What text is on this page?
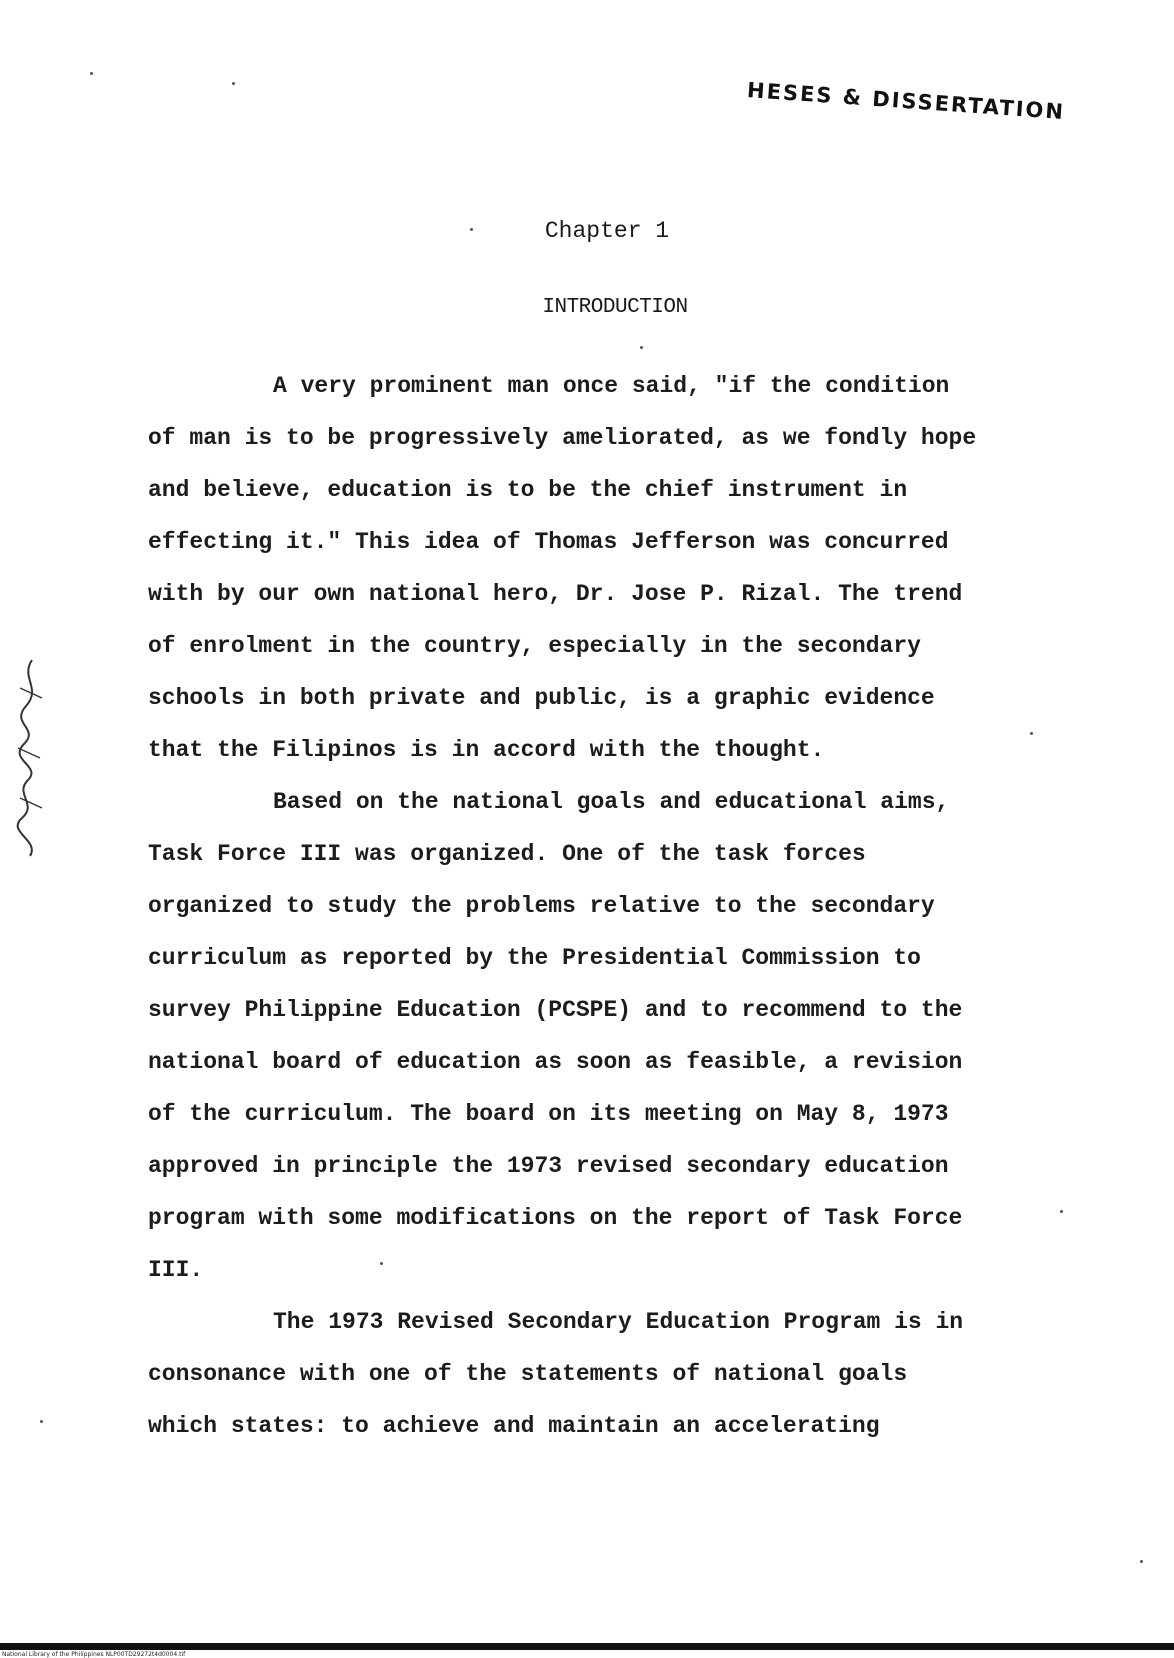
HESES & DISSERTATION
Chapter 1
INTRODUCTION

A very prominent man once said, "if the condition
of man is to be progressively ameliorated, as we fondly hope
and believe, education is to be the chief instrument in
effecting it." This idea of Thomas Jefferson was concurred
with by our own national hero, Dr. Jose P. Rizal. The trend
of enrolment in the country, especially in the secondary
schools in both private and public, is a graphic evidence
that the Filipinos is in accord with the thought.

Based on the national goals and educational aims,
Task Force III was organized. One of the task forces
organized to study the problems relative to the secondary
curriculum as reported by the Presidential Commission to
survey Philippine Education (PCSPE) and to recommend to the
national board of education as soon as feasible, a revision
of the curriculum. The board on its meeting on May 8, 1973
approved in principle the 1973 revised secondary education
program with some modifications on the report of Task Force
III.

The 1973 Revised Secondary Education Program is in
consonance with one of the statements of national goals
which states: to achieve and maintain an accelerating

National Library of the Philippines NLP00TD29272t4d0004.tif
